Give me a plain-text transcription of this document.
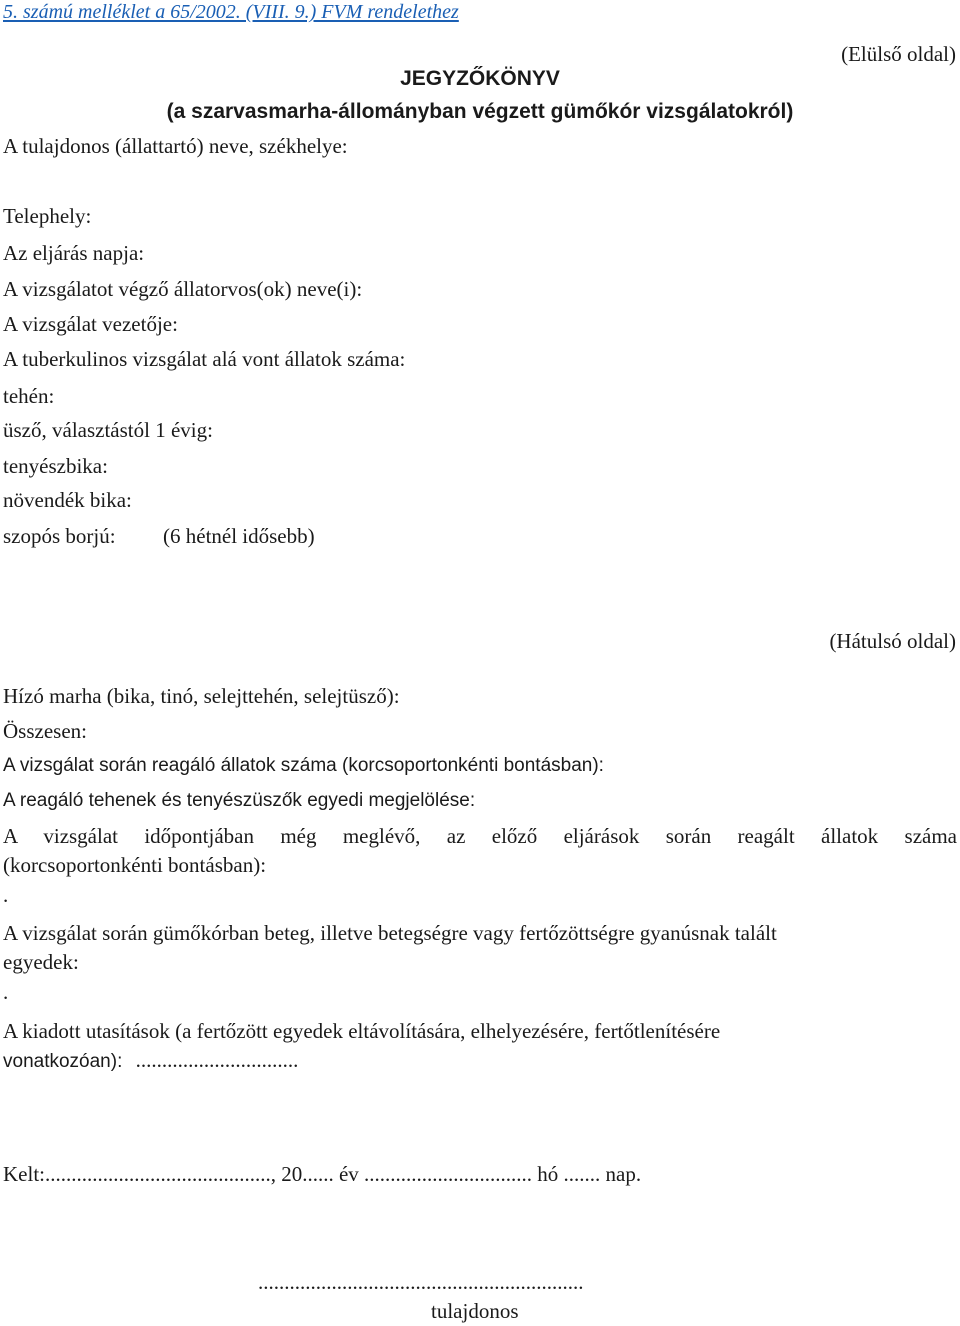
5. számú melléklet a 65/2002. (VIII. 9.) FVM rendelethez
(Elülső oldal)
JEGYZŐKÖNYV
(a szarvasmarha-állományban végzett gümőkór vizsgálatokról)
A tulajdonos (állattartó) neve, székhelye:
Telephely:
Az eljárás napja:
A vizsgálatot végző állatorvos(ok) neve(i):
A vizsgálat vezetője:
A tuberkulinos vizsgálat alá vont állatok száma:
tehén:
üsző, választástól 1 évig:
tenyészbika:
növendék bika:
szopós borjú: (6 hétnél idősebb)
(Hátulsó oldal)
Hízó marha (bika, tinó, selejttehén, selejtüsző):
Összesen:
A vizsgálat során reagáló állatok száma (korcsoportonkénti bontásban):
A reagáló tehenek és tenyészüszők egyedi megjelölése:
A vizsgálat időpontjában még meglévő, az előző eljárások során reagált állatok száma
(korcsoportonkénti bontásban):
.
A vizsgálat során gümőkórban beteg, illetve betegségre vagy fertőzöttségre gyanúsnak talált
egyedek:
.
A kiadott utasítások (a fertőzött egyedek eltávolítására, elhelyezésére, fertőtlenítésére
vonatkozóan): ...............................
Kelt:..........................................., 20...... év ................................ hó ....... nap.
..............................................................
tulajdonos
